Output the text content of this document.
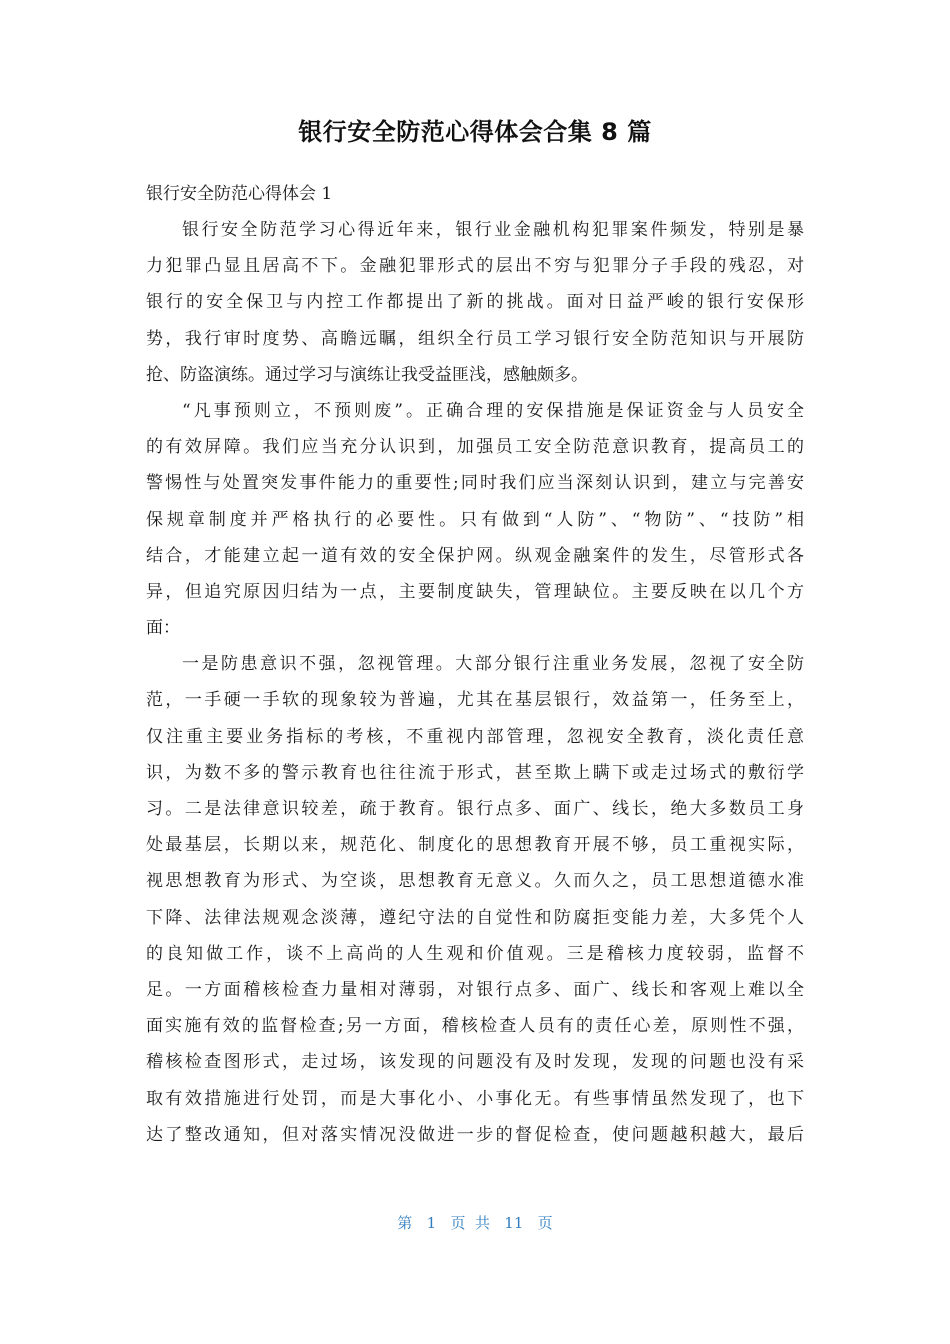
银行安全防范心得体会合集 8 篇

银行安全防范心得体会 1

银行安全防范学习心得近年来，银行业金融机构犯罪案件频发，特别是暴
力犯罪凸显且居高不下。金融犯罪形式的层出不穷与犯罪分子手段的残忍，对
银行的安全保卫与内控工作都提出了新的挑战。面对日益严峻的银行安保形
势，我行审时度势、高瞻远瞩，组织全行员工学习银行安全防范知识与开展防
抢、防盗演练。通过学习与演练让我受益匪浅，感触颇多。
“凡事预则立，不预则废”。正确合理的安保措施是保证资金与人员安全
的有效屏障。我们应当充分认识到，加强员工安全防范意识教育，提高员工的
警惕性与处置突发事件能力的重要性;同时我们应当深刻认识到，建立与完善安
保规章制度并严格执行的必要性。只有做到“人防”、“物防”、“技防”相
结合，才能建立起一道有效的安全保护网。纵观金融案件的发生，尽管形式各
异，但追究原因归结为一点，主要制度缺失，管理缺位。主要反映在以几个方
面：
一是防患意识不强，忽视管理。大部分银行注重业务发展，忽视了安全防
范，一手硬一手软的现象较为普遍，尤其在基层银行，效益第一，任务至上，
仅注重主要业务指标的考核，不重视内部管理，忽视安全教育，淡化责任意
识，为数不多的警示教育也往往流于形式，甚至欺上瞒下或走过场式的敷衍学
习。二是法律意识较差，疏于教育。银行点多、面广、线长，绝大多数员工身
处最基层，长期以来，规范化、制度化的思想教育开展不够，员工重视实际，
视思想教育为形式、为空谈，思想教育无意义。久而久之，员工思想道德水准
下降、法律法规观念淡薄，遵纪守法的自觉性和防腐拒变能力差，大多凭个人
的良知做工作，谈不上高尚的人生观和价值观。三是稽核力度较弱，监督不
足。一方面稽核检查力量相对薄弱，对银行点多、面广、线长和客观上难以全
面实施有效的监督检查;另一方面，稽核检查人员有的责任心差，原则性不强，
稽核检查图形式，走过场，该发现的问题没有及时发现，发现的问题也没有采
取有效措施进行处罚，而是大事化小、小事化无。有些事情虽然发现了，也下
达了整改通知，但对落实情况没做进一步的督促检查，使问题越积越大，最后
第   1   页  共   11   页
